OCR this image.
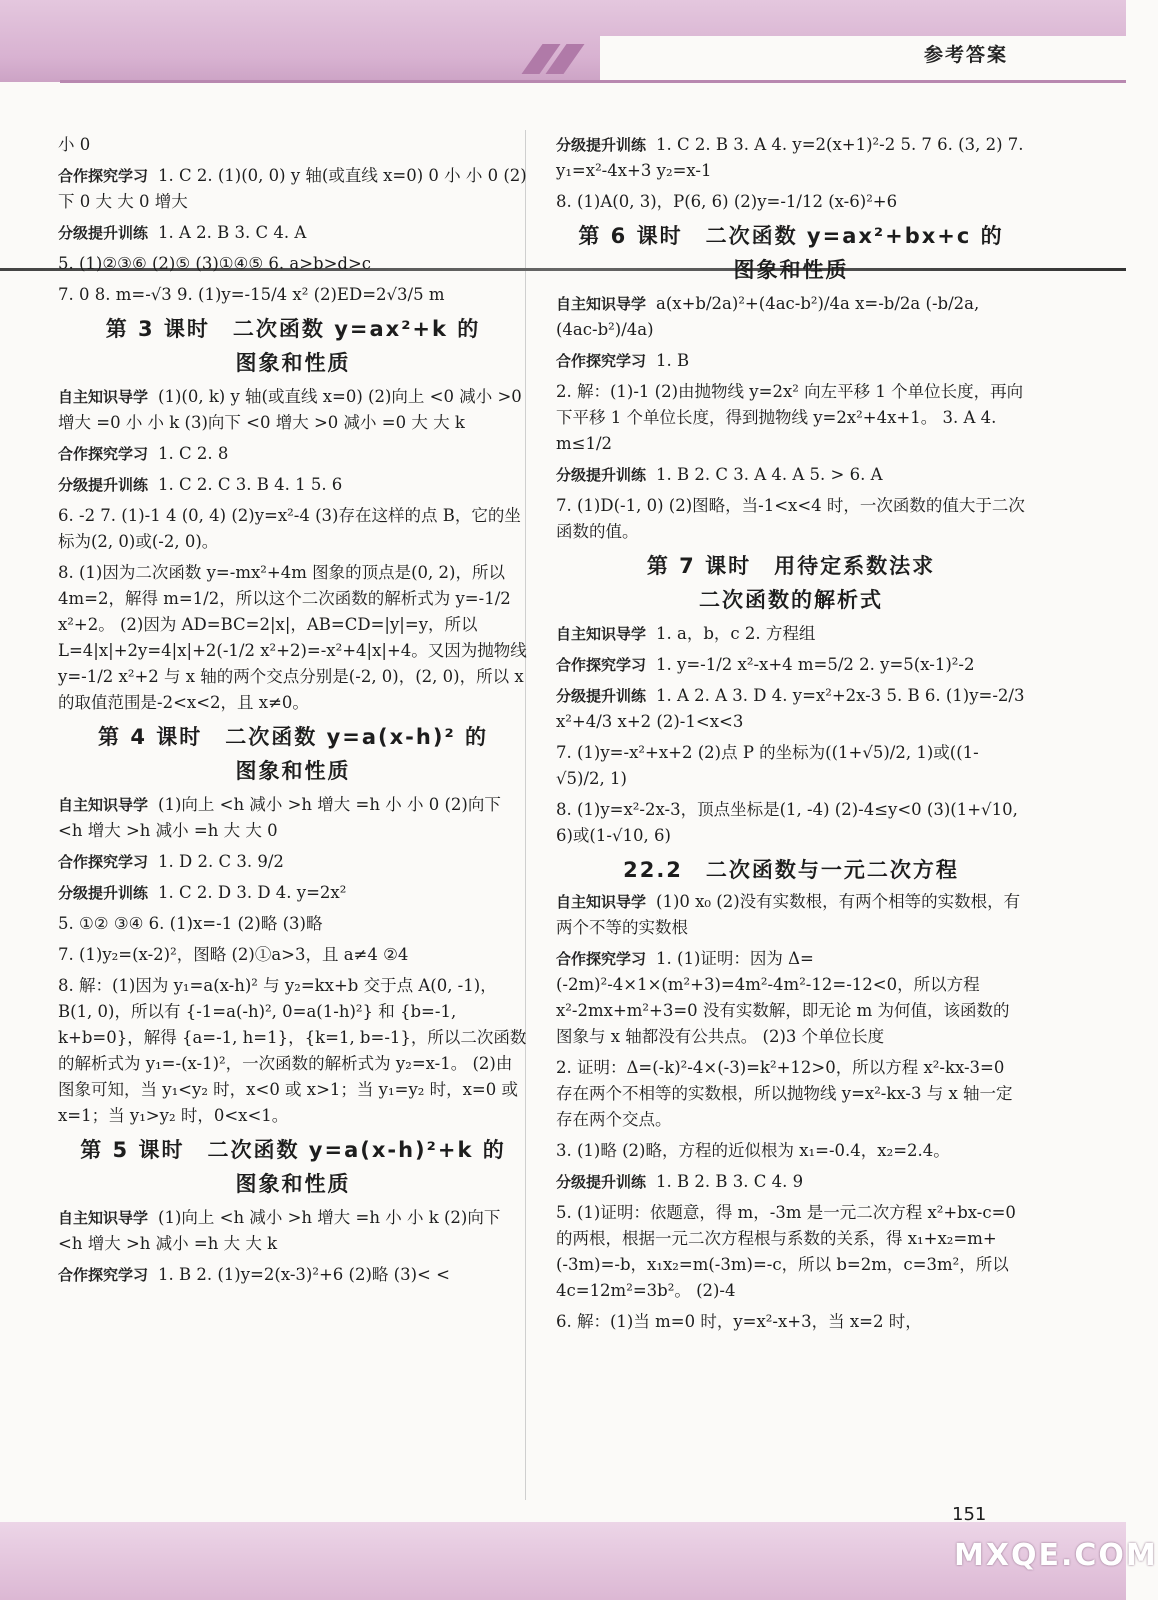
参考答案

小 0

合作探究学习 1. C 2. (1)(0, 0) y 轴(或直线 x=0) 0 小 小 0 (2)下 0 大 大 0 增大

分级提升训练 1. A 2. B 3. C 4. A

5. (1)②③⑥ (2)⑤ (3)①④⑤ 6. a>b>d>c

7. 0 8. m=-√3 9. (1)y=-15/4 x² (2)ED=2√3/5 m

第 3 课时　二次函数 y=ax²+k 的
图象和性质

自主知识导学 (1)(0, k) y 轴(或直线 x=0) (2)向上 <0 减小 >0 增大 =0 小 小 k (3)向下 <0 增大 >0 减小 =0 大 大 k

合作探究学习 1. C 2. 8

分级提升训练 1. C 2. C 3. B 4. 1 5. 6

6. -2 7. (1)-1 4 (0, 4) (2)y=x²-4 (3)存在这样的点 B，它的坐标为(2, 0)或(-2, 0)。

8. (1)因为二次函数 y=-mx²+4m 图象的顶点是(0, 2)，所以 4m=2，解得 m=1/2，所以这个二次函数的解析式为 y=-1/2 x²+2。 (2)因为 AD=BC=2|x|，AB=CD=|y|=y，所以 L=4|x|+2y=4|x|+2(-1/2 x²+2)=-x²+4|x|+4。又因为抛物线 y=-1/2 x²+2 与 x 轴的两个交点分别是(-2, 0)，(2, 0)，所以 x 的取值范围是-2<x<2，且 x≠0。

第 4 课时　二次函数 y=a(x-h)² 的
图象和性质

自主知识导学 (1)向上 <h 减小 >h 增大 =h 小 小 0 (2)向下 <h 增大 >h 减小 =h 大 大 0

合作探究学习 1. D 2. C 3. 9/2

分级提升训练 1. C 2. D 3. D 4. y=2x²

5. ①② ③④ 6. (1)x=-1 (2)略 (3)略

7. (1)y₂=(x-2)²，图略 (2)①a>3，且 a≠4 ②4

8. 解：(1)因为 y₁=a(x-h)² 与 y₂=kx+b 交于点 A(0, -1)，B(1, 0)，所以有 {-1=a(-h)², 0=a(1-h)²} 和 {b=-1, k+b=0}，解得 {a=-1, h=1}，{k=1, b=-1}，所以二次函数的解析式为 y₁=-(x-1)²，一次函数的解析式为 y₂=x-1。 (2)由图象可知，当 y₁<y₂ 时，x<0 或 x>1；当 y₁=y₂ 时，x=0 或 x=1；当 y₁>y₂ 时，0<x<1。

第 5 课时　二次函数 y=a(x-h)²+k 的
图象和性质

自主知识导学 (1)向上 <h 减小 >h 增大 =h 小 小 k (2)向下 <h 增大 >h 减小 =h 大 大 k

合作探究学习 1. B 2. (1)y=2(x-3)²+6 (2)略 (3)< <

分级提升训练 1. C 2. B 3. A 4. y=2(x+1)²-2 5. 7 6. (3, 2) 7. y₁=x²-4x+3 y₂=x-1

8. (1)A(0, 3)，P(6, 6) (2)y=-1/12 (x-6)²+6

第 6 课时　二次函数 y=ax²+bx+c 的
图象和性质

自主知识导学 a(x+b/2a)²+(4ac-b²)/4a x=-b/2a (-b/2a, (4ac-b²)/4a)

合作探究学习 1. B

2. 解：(1)-1 (2)由抛物线 y=2x² 向左平移 1 个单位长度，再向下平移 1 个单位长度，得到抛物线 y=2x²+4x+1。 3. A 4. m≤1/2

分级提升训练 1. B 2. C 3. A 4. A 5. > 6. A

7. (1)D(-1, 0) (2)图略，当-1<x<4 时，一次函数的值大于二次函数的值。

第 7 课时　用待定系数法求
二次函数的解析式

自主知识导学 1. a，b，c 2. 方程组

合作探究学习 1. y=-1/2 x²-x+4 m=5/2 2. y=5(x-1)²-2

分级提升训练 1. A 2. A 3. D 4. y=x²+2x-3 5. B 6. (1)y=-2/3 x²+4/3 x+2 (2)-1<x<3

7. (1)y=-x²+x+2 (2)点 P 的坐标为((1+√5)/2, 1)或((1-√5)/2, 1)

8. (1)y=x²-2x-3，顶点坐标是(1, -4) (2)-4≤y<0 (3)(1+√10, 6)或(1-√10, 6)

22.2　二次函数与一元二次方程

自主知识导学 (1)0 x₀ (2)没有实数根，有两个相等的实数根，有两个不等的实数根

合作探究学习 1. (1)证明：因为 Δ=(-2m)²-4×1×(m²+3)=4m²-4m²-12=-12<0，所以方程 x²-2mx+m²+3=0 没有实数解，即无论 m 为何值，该函数的图象与 x 轴都没有公共点。 (2)3 个单位长度

2. 证明：Δ=(-k)²-4×(-3)=k²+12>0，所以方程 x²-kx-3=0 存在两个不相等的实数根，所以抛物线 y=x²-kx-3 与 x 轴一定存在两个交点。

3. (1)略 (2)略，方程的近似根为 x₁=-0.4，x₂=2.4。

分级提升训练 1. B 2. B 3. C 4. 9

5. (1)证明：依题意，得 m，-3m 是一元二次方程 x²+bx-c=0 的两根，根据一元二次方程根与系数的关系，得 x₁+x₂=m+(-3m)=-b，x₁x₂=m(-3m)=-c，所以 b=2m，c=3m²，所以 4c=12m²=3b²。 (2)-4

6. 解：(1)当 m=0 时，y=x²-x+3，当 x=2 时，

151
MXQE.COM
